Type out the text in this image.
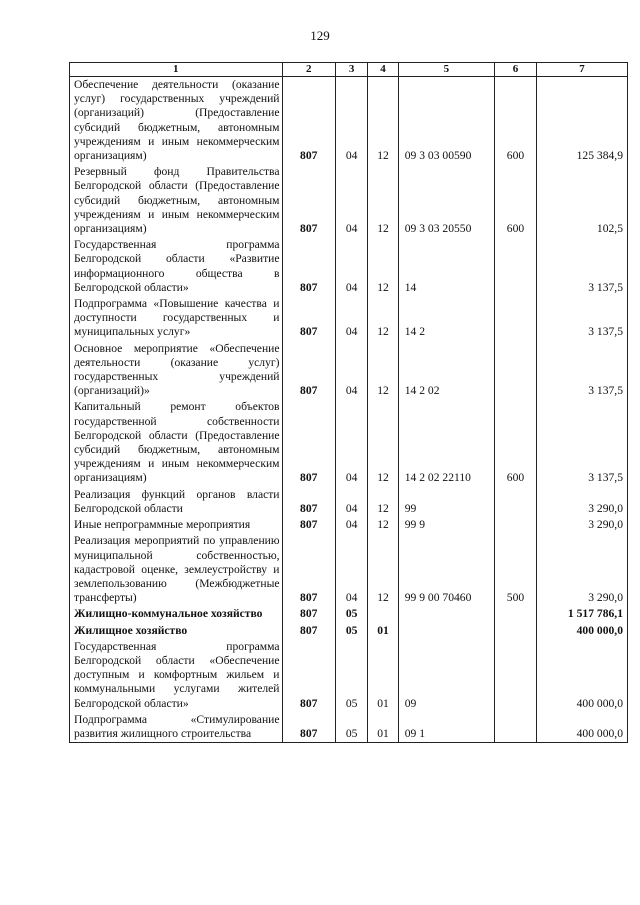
129
1	2	3	4	5	6	7
Обеспечение деятельности (оказание услуг) государственных учреждений (организаций) (Предоставление субсидий бюджетным, автономным учреждениям и иным некоммерческим организациям)	807	04	12	09 3 03 00590	600	125 384,9
Резервный фонд Правительства Белгородской области (Предоставление субсидий бюджетным, автономным учреждениям и иным некоммерческим организациям)	807	04	12	09 3 03 20550	600	102,5
Государственная программа Белгородской области «Развитие информационного общества в Белгородской области»	807	04	12	14		3 137,5
Подпрограмма «Повышение качества и доступности государственных и муниципальных услуг»	807	04	12	14 2		3 137,5
Основное мероприятие «Обеспечение деятельности (оказание услуг) государственных учреждений (организаций)»	807	04	12	14 2 02		3 137,5
Капитальный ремонт объектов государственной собственности Белгородской области (Предоставление субсидий бюджетным, автономным учреждениям и иным некоммерческим организациям)	807	04	12	14 2 02 22110	600	3 137,5
Реализация функций органов власти Белгородской области	807	04	12	99		3 290,0
Иные непрограммные мероприятия	807	04	12	99 9		3 290,0
Реализация мероприятий по управлению муниципальной собственностью, кадастровой оценке, землеустройству и землепользованию (Межбюджетные трансферты)	807	04	12	99 9 00 70460	500	3 290,0
Жилищно-коммунальное хозяйство	807	05				1 517 786,1
Жилищное хозяйство	807	05	01			400 000,0
Государственная программа Белгородской области «Обеспечение доступным и комфортным жильем и коммунальными услугами жителей Белгородской области»	807	05	01	09		400 000,0
Подпрограмма «Стимулирование развития жилищного строительства	807	05	01	09 1		400 000,0
